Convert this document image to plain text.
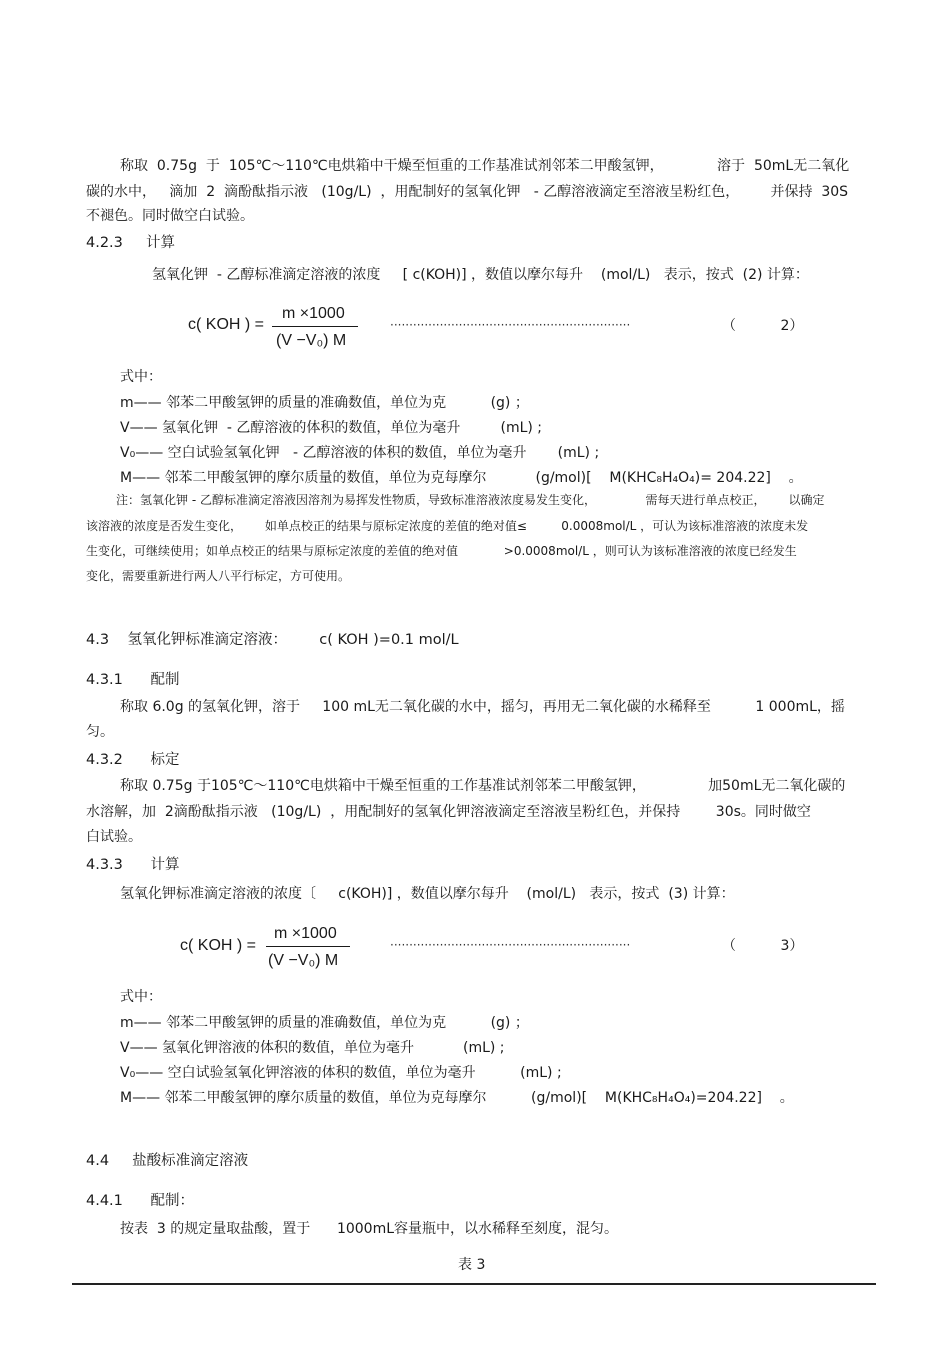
称取  0.75g  于  105℃～110℃电烘箱中干燥至恒重的工作基准试剂邻苯二甲酸氢钾，            溶于  50mL无二氧化
碳的水中，   滴加  2  滴酚酞指示液   (10g/L)  ，用配制好的氢氧化钾   - 乙醇溶液滴定至溶液呈粉红色，       并保持  30S
不褪色。同时做空白试验。
4.2.3 计算
氢氧化钾  - 乙醇标准滴定溶液的浓度     [ c(KOH)] ，数值以摩尔每升    (mol/L)   表示，按式  (2) 计算：
c( KOH ) =
m ×1000
(V −V₀) M
·······························································	（          2）
式中：
m—— 邻苯二甲酸氢钾的质量的准确数值，单位为克          (g) ；
V—— 氢氧化钾  - 乙醇溶液的体积的数值，单位为毫升         (mL) ;
V₀—— 空白试验氢氧化钾   - 乙醇溶液的体积的数值，单位为毫升       (mL) ;
M—— 邻苯二甲酸氢钾的摩尔质量的数值，单位为克每摩尔           (g/mol)[    M(KHC₈H₄O₄)= 204.22]    。
注：氢氧化钾 - 乙醇标准滴定溶液因溶剂为易挥发性物质，导致标准溶液浓度易发生变化，             需每天进行单点校正，      以确定
该溶液的浓度是否发生变化，      如单点校正的结果与原标定浓度的差值的绝对值≤         0.0008mol/L ，可认为该标准溶液的浓度未发
生变化，可继续使用；如单点校正的结果与原标定浓度的差值的绝对值            >0.0008mol/L ，则可认为该标准溶液的浓度已经发生
变化，需要重新进行两人八平行标定，方可使用。
4.3    氢氧化钾标准滴定溶液：       c( KOH )=0.1 mol/L
4.3.1      配制
称取 6.0g 的氢氧化钾，溶于     100 mL无二氧化碳的水中，摇匀，再用无二氧化碳的水稀释至          1 000mL，摇
匀。
4.3.2      标定
称取 0.75g 于105℃～110℃电烘箱中干燥至恒重的工作基准试剂邻苯二甲酸氢钾，              加50mL无二氧化碳的
水溶解，加  2滴酚酞指示液   (10g/L)  ，用配制好的氢氧化钾溶液滴定至溶液呈粉红色，并保持        30s。同时做空
白试验。
4.3.3      计算
氢氧化钾标准滴定溶液的浓度〔     c(KOH)] ，数值以摩尔每升    (mol/L)   表示，按式  (3) 计算：
c( KOH ) =
m ×1000
(V −V₀) M
·······························································	（          3）
式中：
m—— 邻苯二甲酸氢钾的质量的准确数值，单位为克          (g) ；
V—— 氢氧化钾溶液的体积的数值，单位为毫升           (mL) ;
V₀—— 空白试验氢氧化钾溶液的体积的数值，单位为毫升          (mL) ;
M—— 邻苯二甲酸氢钾的摩尔质量的数值，单位为克每摩尔          (g/mol)[    M(KHC₈H₄O₄)=204.22]    。
4.4     盐酸标准滴定溶液
4.4.1      配制：
按表  3 的规定量取盐酸，置于      1000mL容量瓶中，以水稀释至刻度，混匀。
表 3
